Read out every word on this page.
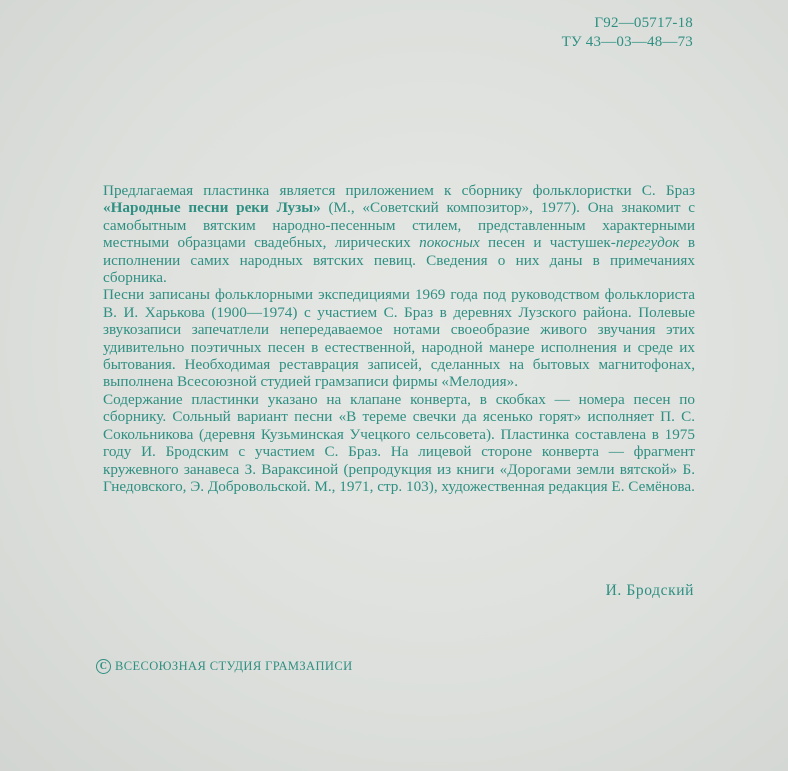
Г92—05717-18
ТУ 43—03—48—73

Предлагаемая пластинка является приложением к сборнику фольклористки С. Браз «Народные песни реки Лузы» (М., «Советский композитор», 1977). Она знакомит с самобытным вятским народно-песенным стилем, представленным характерными местными образцами свадебных, лирических покосных песен и частушек-перегудок в исполнении самих народных вятских певиц. Сведения о них даны в примечаниях сборника.

Песни записаны фольклорными экспедициями 1969 года под руководством фольклориста В. И. Харькова (1900—1974) с участием С. Браз в деревнях Лузского района. Полевые звукозаписи запечатлели непередаваемое нотами своеобразие живого звучания этих удивительно поэтичных песен в естественной, народной манере исполнения и среде их бытования. Необходимая реставрация записей, сделанных на бытовых магнитофонах, выполнена Всесоюзной студией грамзаписи фирмы «Мелодия».

Содержание пластинки указано на клапане конверта, в скобках — номера песен по сборнику. Сольный вариант песни «В тереме свечки да ясенько горят» исполняет П. С. Сокольникова (деревня Кузьминская Учецкого сельсовета). Пластинка составлена в 1975 году И. Бродским с участием С. Браз. На лицевой стороне конверта — фрагмент кружевного занавеса З. Вараксиной (репродукция из книги «Дорогами земли вятской» Б. Гнедовского, Э. Добровольской. М., 1971, стр. 103), художественная редакция Е. Семёнова.

И. Бродский
С ВСЕСОЮЗНАЯ СТУДИЯ ГРАМЗАПИСИ
